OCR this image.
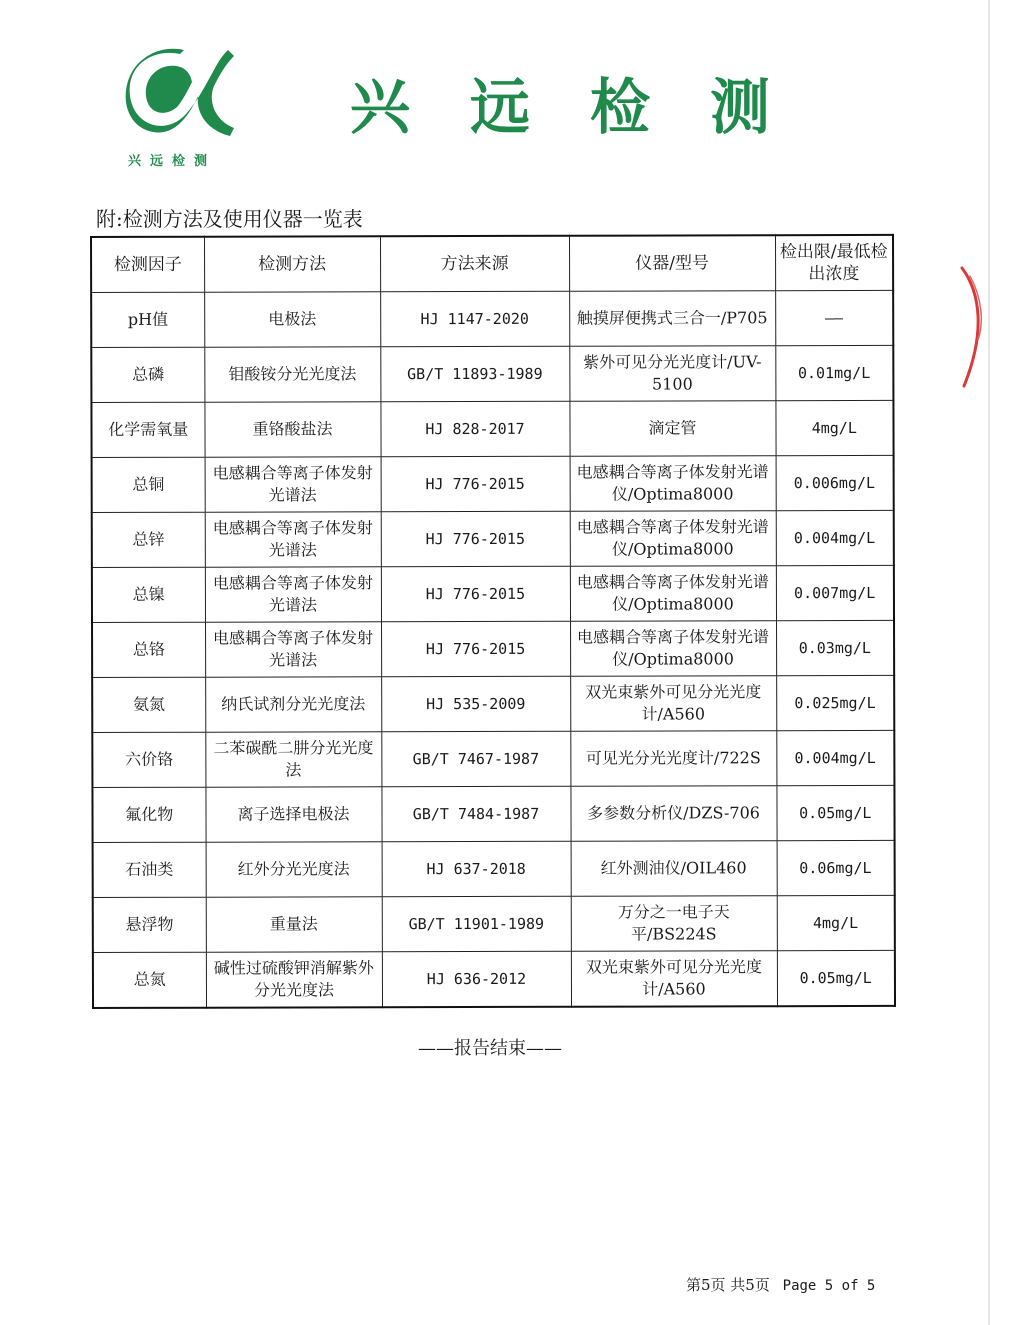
兴远检测
兴 远 检 测
附:检测方法及使用仪器一览表
检测因子	检测方法	方法来源	仪器/型号	检出限/最低检出浓度
pH值	电极法	HJ 1147-2020	触摸屏便携式三合一/P705	——
总磷	钼酸铵分光光度法	GB/T 11893-1989	紫外可见分光光度计/UV-5100	0.01mg/L
化学需氧量	重铬酸盐法	HJ 828-2017	滴定管	4mg/L
总铜	电感耦合等离子体发射光谱法	HJ 776-2015	电感耦合等离子体发射光谱仪/Optima8000	0.006mg/L
总锌	电感耦合等离子体发射光谱法	HJ 776-2015	电感耦合等离子体发射光谱仪/Optima8000	0.004mg/L
总镍	电感耦合等离子体发射光谱法	HJ 776-2015	电感耦合等离子体发射光谱仪/Optima8000	0.007mg/L
总铬	电感耦合等离子体发射光谱法	HJ 776-2015	电感耦合等离子体发射光谱仪/Optima8000	0.03mg/L
氨氮	纳氏试剂分光光度法	HJ 535-2009	双光束紫外可见分光光度计/A560	0.025mg/L
六价铬	二苯碳酰二肼分光光度法	GB/T 7467-1987	可见光分光光度计/722S	0.004mg/L
氟化物	离子选择电极法	GB/T 7484-1987	多参数分析仪/DZS-706	0.05mg/L
石油类	红外分光光度法	HJ 637-2018	红外测油仪/OIL460	0.06mg/L
悬浮物	重量法	GB/T 11901-1989	万分之一电子天平/BS224S	4mg/L
总氮	碱性过硫酸钾消解紫外分光光度法	HJ 636-2012	双光束紫外可见分光光度计/A560	0.05mg/L
——报告结束——
第5页 共5页 Page 5 of 5
